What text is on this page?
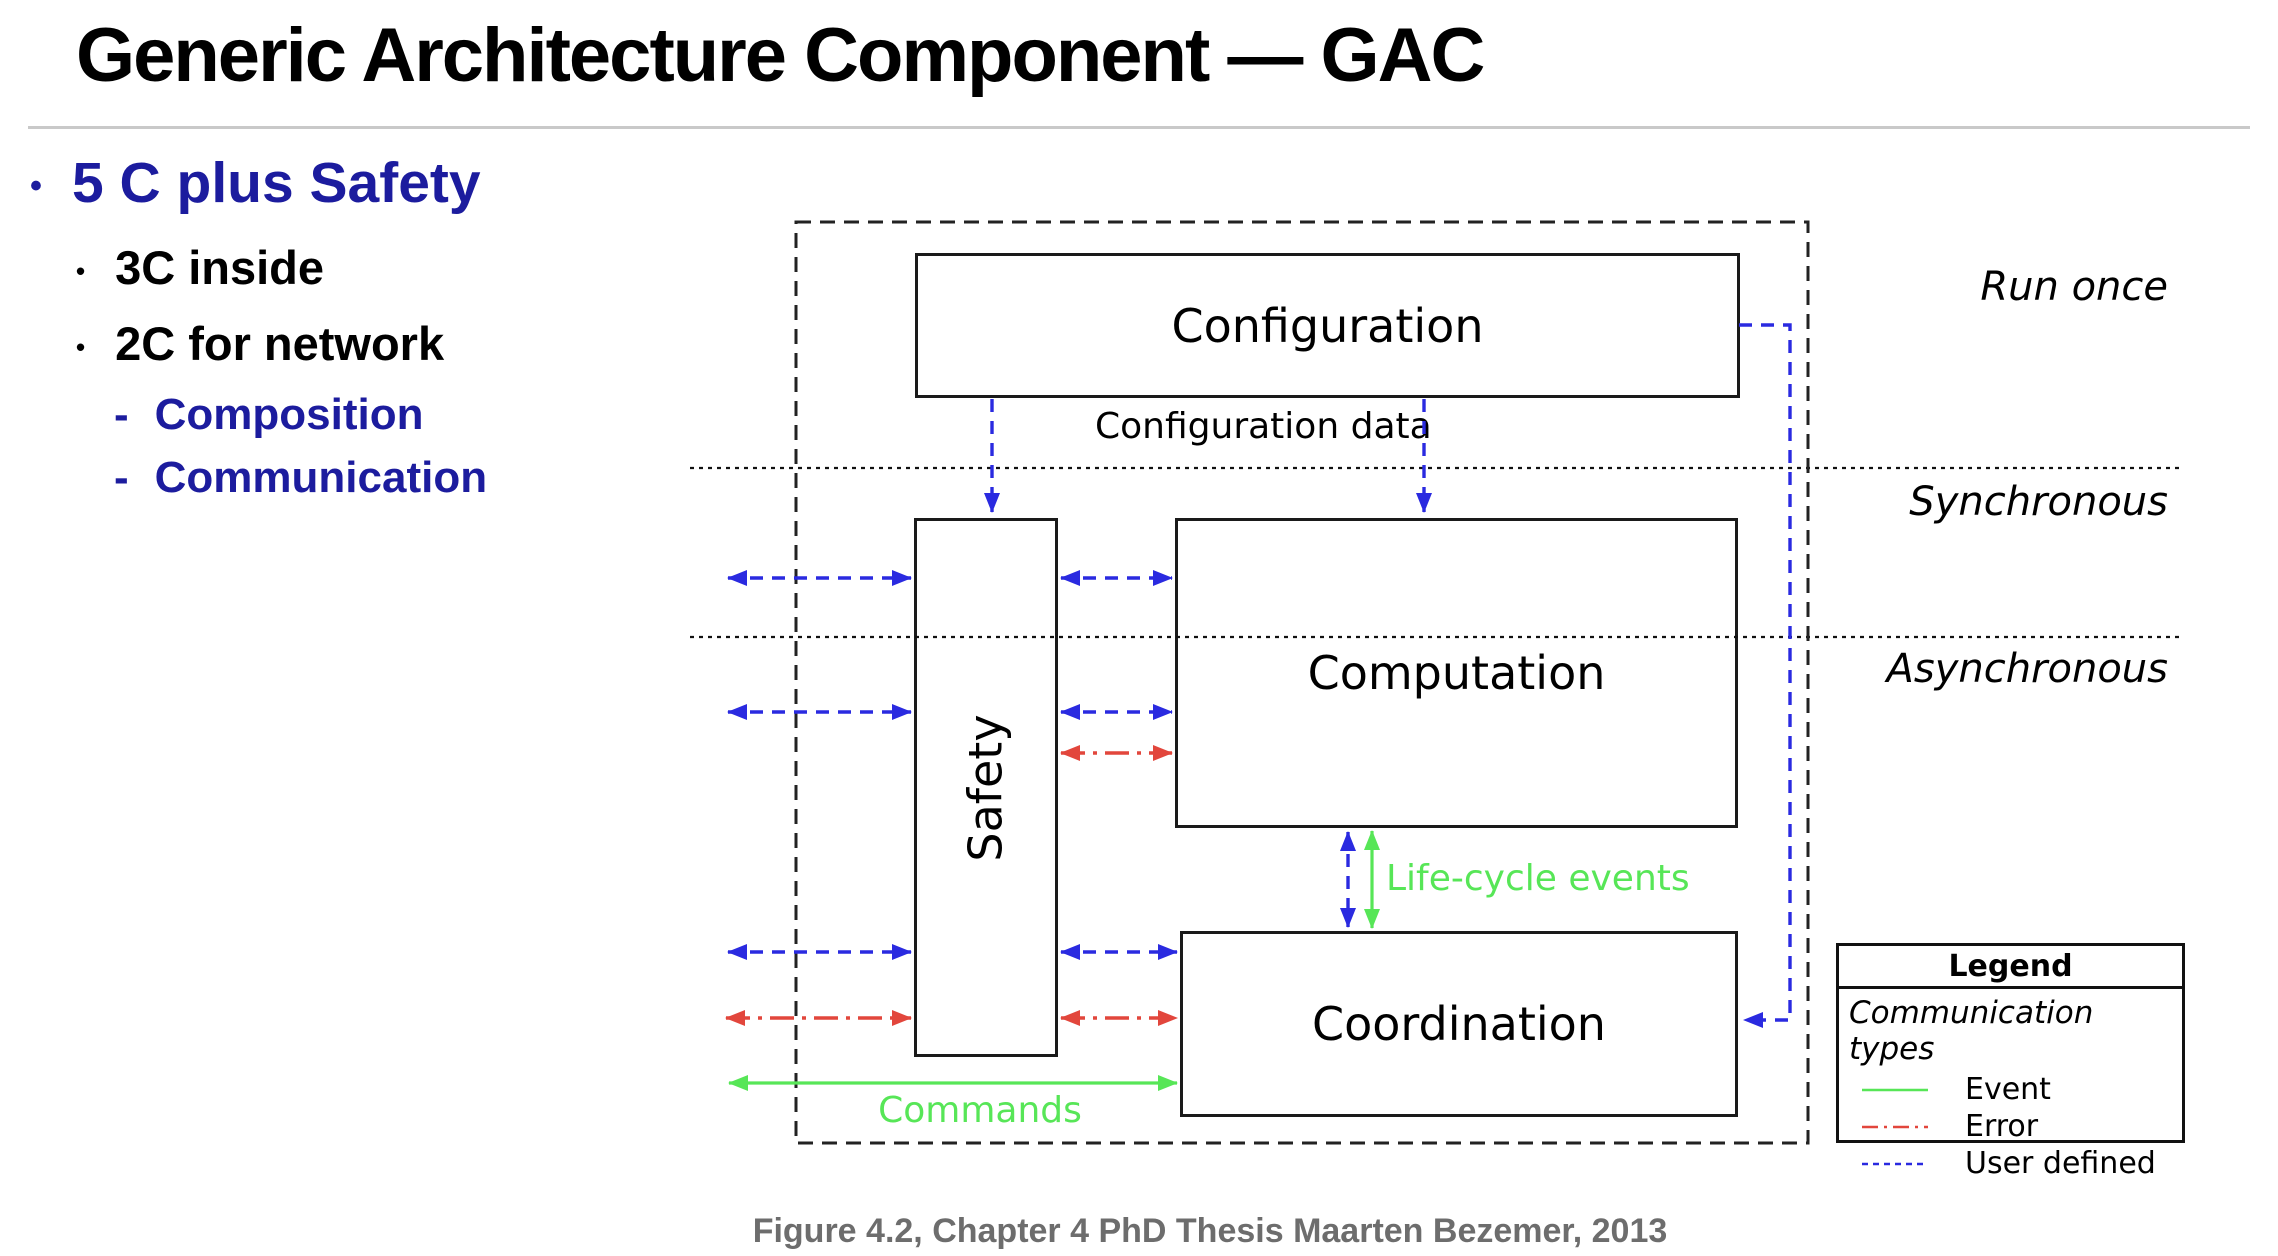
Generic Architecture Component — GAC
• 5 C plus Safety
• 3C inside
• 2C for network
- Composition
- Communication
Configuration
Safety
Computation
Coordination
Configuration data
Life-cycle events
Commands
Run once
Synchronous
Asynchronous
Legend
Communication types
Event
Error
User defined
Figure 4.2, Chapter 4 PhD Thesis Maarten Bezemer, 2013
